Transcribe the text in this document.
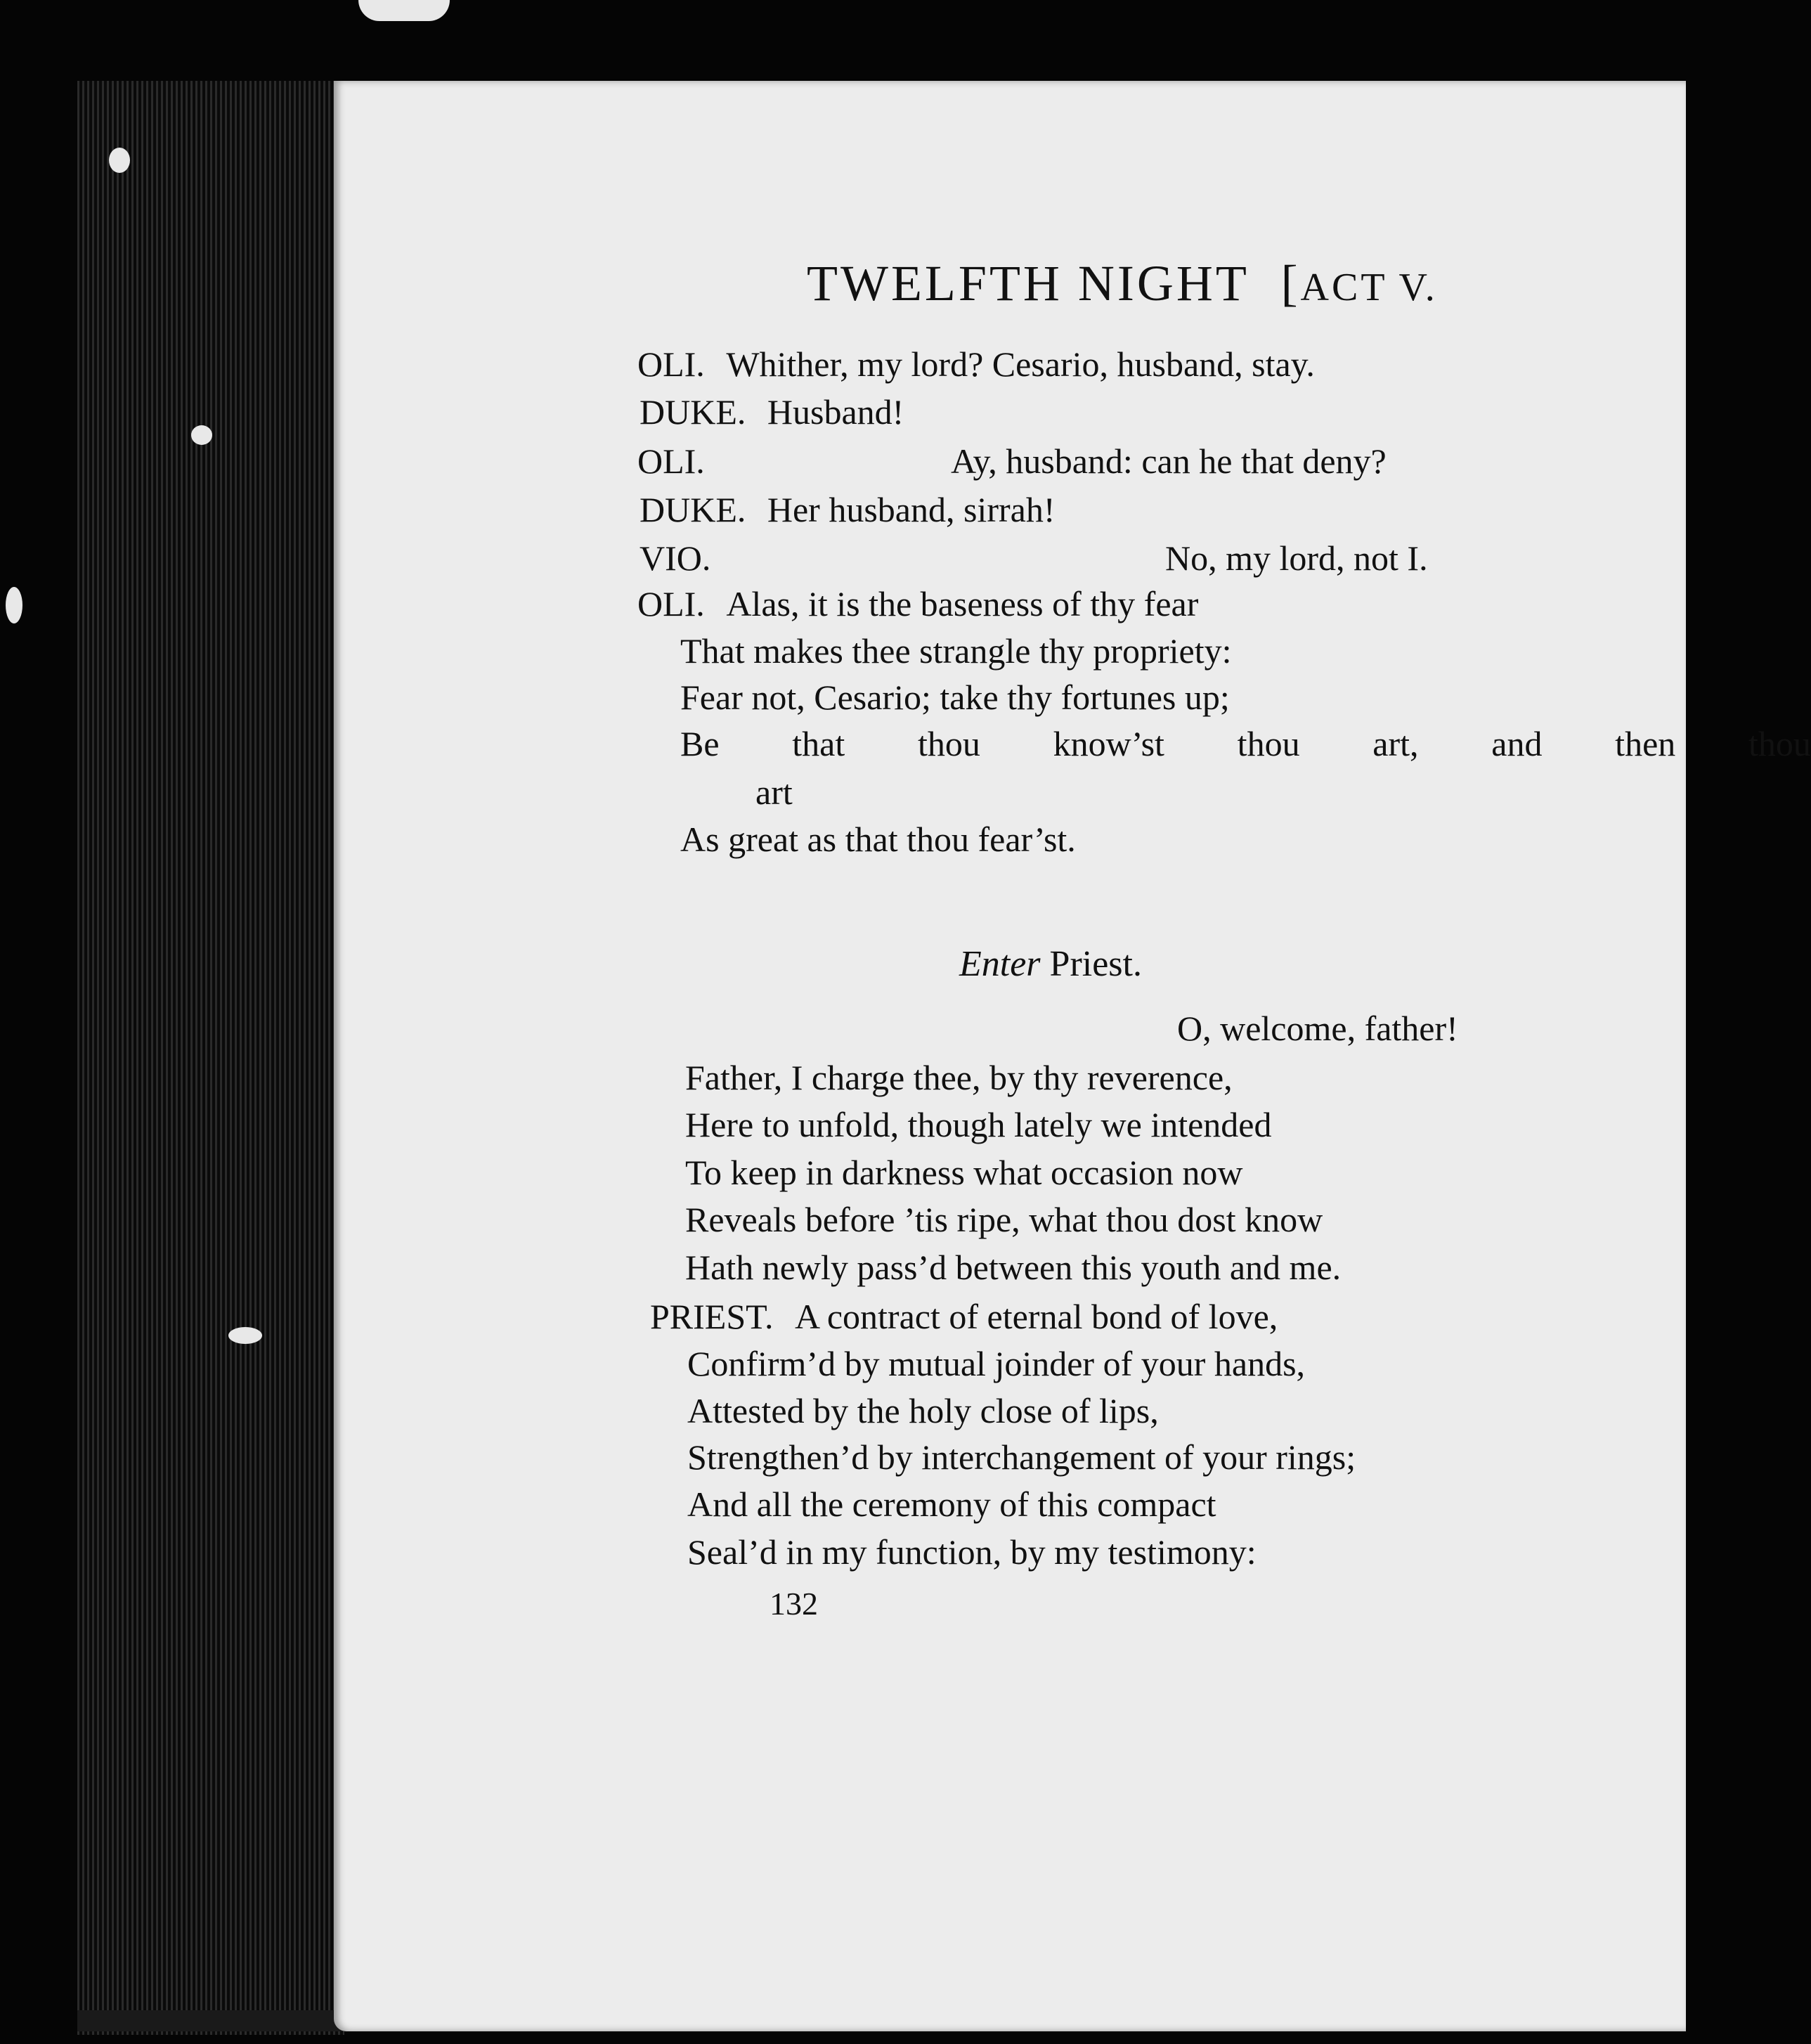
TWELFTH NIGHT [ACT V.
OLI. Whither, my lord? Cesario, husband, stay.
DUKE. Husband!
OLI.	Ay, husband: can he that deny?
DUKE. Her husband, sirrah!
VIO.	No, my lord, not I.
OLI. Alas, it is the baseness of thy fear
That makes thee strangle thy propriety:
Fear not, Cesario; take thy fortunes up;
Be that thou know’st thou art, and then thou
art
As great as that thou fear’st.
Enter Priest.
O, welcome, father!
Father, I charge thee, by thy reverence,
Here to unfold, though lately we intended
To keep in darkness what occasion now
Reveals before ’tis ripe, what thou dost know
Hath newly pass’d between this youth and me.
PRIEST. A contract of eternal bond of love,
Confirm’d by mutual joinder of your hands,
Attested by the holy close of lips,
Strengthen’d by interchangement of your rings;
And all the ceremony of this compact
Seal’d in my function, by my testimony:
132
